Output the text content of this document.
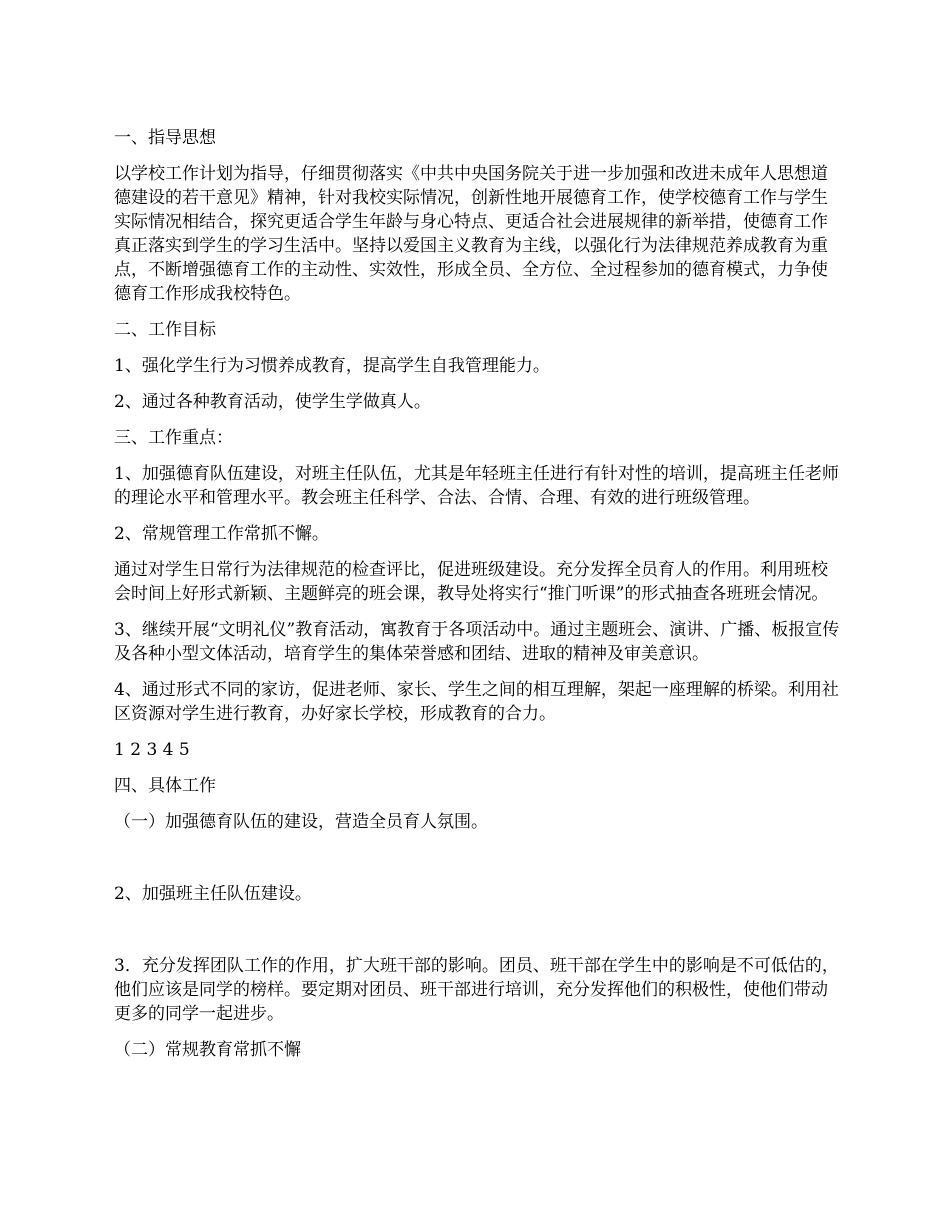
一、指导思想

以学校工作计划为指导，仔细贯彻落实《中共中央国务院关于进一步加强和改进未成年人思想道德建设的若干意见》精神，针对我校实际情况，创新性地开展德育工作，使学校德育工作与学生实际情况相结合，探究更适合学生年龄与身心特点、更适合社会进展规律的新举措，使德育工作真正落实到学生的学习生活中。坚持以爱国主义教育为主线，以强化行为法律规范养成教育为重点，不断增强德育工作的主动性、实效性，形成全员、全方位、全过程参加的德育模式，力争使德育工作形成我校特色。

二、工作目标

1、强化学生行为习惯养成教育，提高学生自我管理能力。

2、通过各种教育活动，使学生学做真人。

三、工作重点：

1、加强德育队伍建设，对班主任队伍，尤其是年轻班主任进行有针对性的培训，提高班主任老师的理论水平和管理水平。教会班主任科学、合法、合情、合理、有效的进行班级管理。

2、常规管理工作常抓不懈。

通过对学生日常行为法律规范的检查评比，促进班级建设。充分发挥全员育人的作用。利用班校会时间上好形式新颖、主题鲜亮的班会课，教导处将实行“推门听课”的形式抽查各班班会情况。

3、继续开展“文明礼仪”教育活动，寓教育于各项活动中。通过主题班会、演讲、广播、板报宣传及各种小型文体活动，培育学生的集体荣誉感和团结、进取的精神及审美意识。

4、通过形式不同的家访，促进老师、家长、学生之间的相互理解，架起一座理解的桥梁。利用社区资源对学生进行教育，办好家长学校，形成教育的合力。

1 2 3 4 5

四、具体工作

（一）加强德育队伍的建设，营造全员育人氛围。

2、加强班主任队伍建设。

3．充分发挥团队工作的作用，扩大班干部的影响。团员、班干部在学生中的影响是不可低估的，他们应该是同学的榜样。要定期对团员、班干部进行培训，充分发挥他们的积极性，使他们带动更多的同学一起进步。

（二）常规教育常抓不懈
